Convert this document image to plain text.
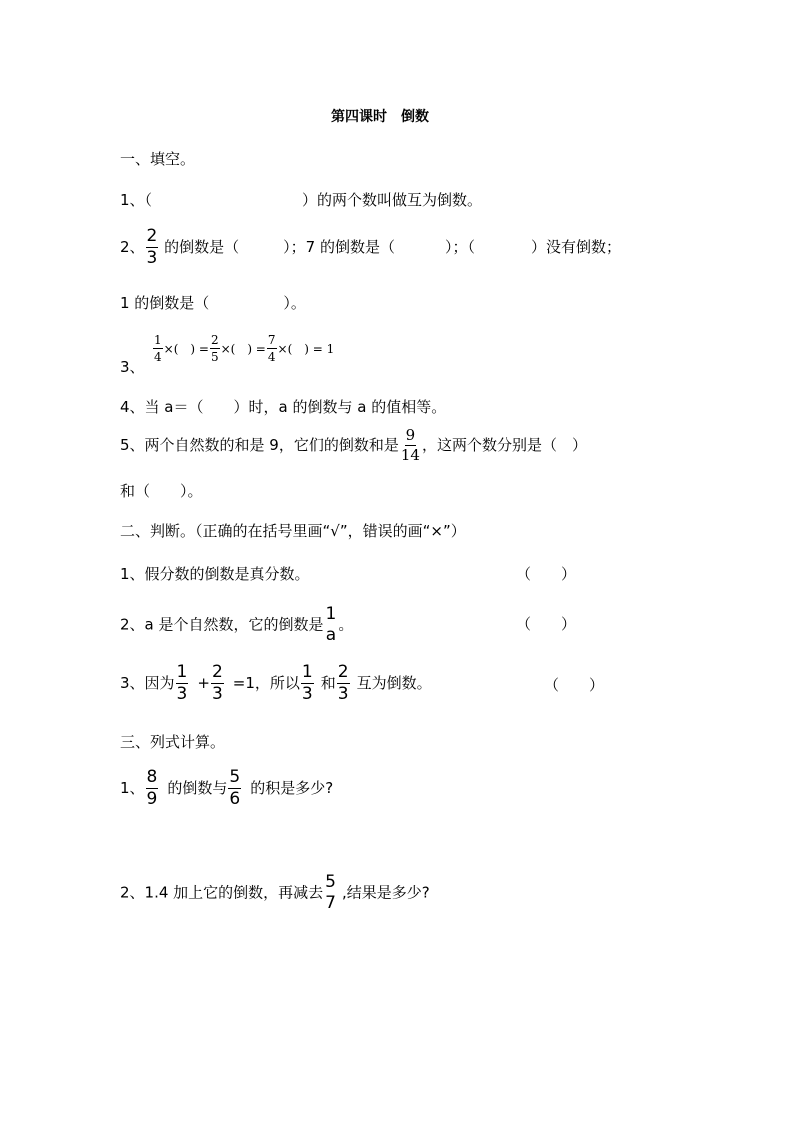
第四课时　倒数
一、填空。
1、（	）的两个数叫做互为倒数。
2、 $\frac{2}{3}$ 的倒数是（	）；7 的倒数是（	）；（	）没有倒数；
1 的倒数是（	）。
$\frac{1}{4}$ ×(　) = $\frac{2}{5}$ ×(　) = $\frac{7}{4}$ ×(　) = 1
3、
4、当 a＝（　　）时，a 的倒数与 a 的值相等。
5、两个自然数的和是 9，它们的倒数和是 $\frac{9}{14}$ ，这两个数分别是（　）
和（　　）。
二、判断。（正确的在括号里画“√”，错误的画“×”）
1、假分数的倒数是真分数。	（　　）
2、a 是个自然数，它的倒数是
1
a
。	（　　）
3、因为 $\frac{1}{3} + \frac{2}{3} =1$，所以 $\frac{1}{3}$ 和 $\frac{2}{3}$ 互为倒数。	（　　）
三、列式计算。
1、 $\frac{8}{9}$ 的倒数与 $\frac{5}{6}$ 的积是多少?
2、1.4 加上它的倒数，再减去
5
7
,结果是多少?
